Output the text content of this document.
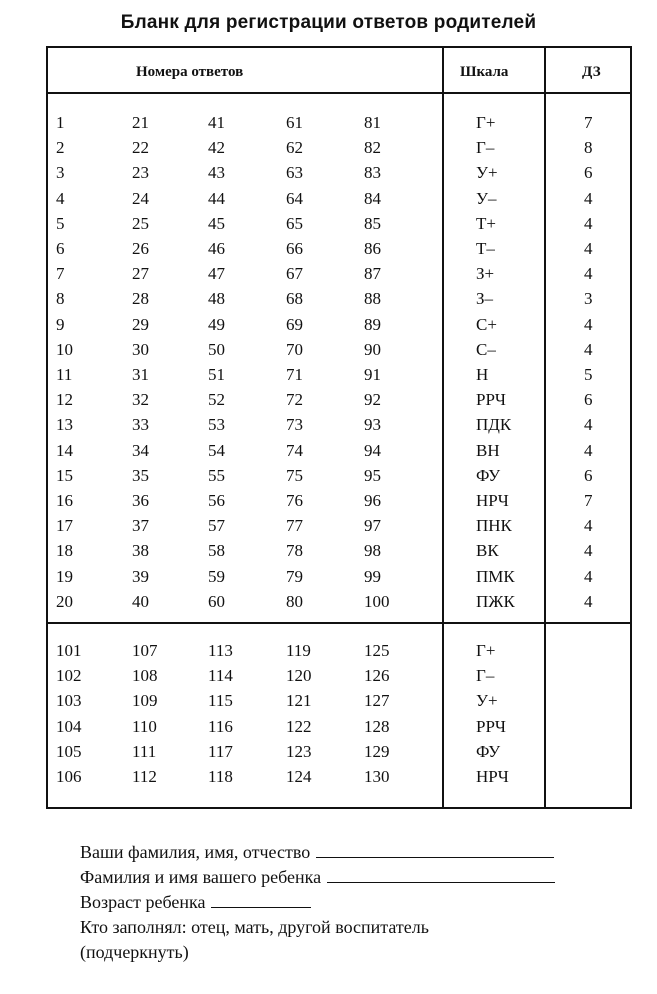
Бланк для регистрации ответов родителей
Номера ответов	Шкала	ДЗ
1	21	41	61	81	Г+	7
2	22	42	62	82	Г–	8
3	23	43	63	83	У+	6
4	24	44	64	84	У–	4
5	25	45	65	85	Т+	4
6	26	46	66	86	Т–	4
7	27	47	67	87	З+	4
8	28	48	68	88	З–	3
9	29	49	69	89	С+	4
10	30	50	70	90	С–	4
11	31	51	71	91	Н	5
12	32	52	72	92	РРЧ	6
13	33	53	73	93	ПДК	4
14	34	54	74	94	ВН	4
15	35	55	75	95	ФУ	6
16	36	56	76	96	НРЧ	7
17	37	57	77	97	ПНК	4
18	38	58	78	98	ВК	4
19	39	59	79	99	ПМК	4
20	40	60	80	100	ПЖК	4
101	107	113	119	125	Г+
102	108	114	120	126	Г–
103	109	115	121	127	У+
104	110	116	122	128	РРЧ
105	111	117	123	129	ФУ
106	112	118	124	130	НРЧ
Ваши фамилия, имя, отчество
Фамилия и имя вашего ребенка
Возраст ребенка
Кто заполнял: отец, мать, другой воспитатель
(подчеркнуть)
